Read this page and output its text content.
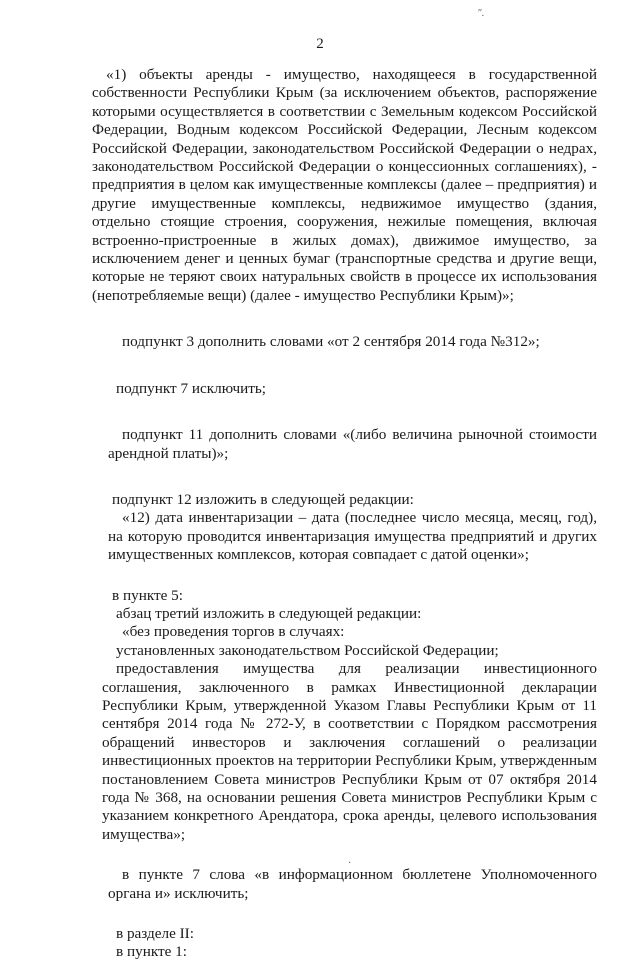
ʺ.
2

«1) объекты аренды - имущество, находящееся в государственной собственности Республики Крым (за исключением объектов, распоряжение которыми осуществляется в соответствии с Земельным кодексом Российской Федерации, Водным кодексом Российской Федерации, Лесным кодексом Российской Федерации, законодательством Российской Федерации о недрах, законодательством Российской Федерации о концессионных соглашениях), - предприятия в целом как имущественные комплексы (далее – предприятия) и другие имущественные комплексы, недвижимое имущество (здания, отдельно стоящие строения, сооружения, нежилые помещения, включая встроенно-пристроенные в жилых домах), движимое имущество, за исключением денег и ценных бумаг (транспортные средства и другие вещи, которые не теряют своих натуральных свойств в процессе их использования (непотребляемые вещи) (далее - имущество Республики Крым)»;

подпункт 3 дополнить словами «от 2 сентября 2014 года №312»;

подпункт 7 исключить;

подпункт 11 дополнить словами «(либо величина рыночной стоимости арендной платы)»;

подпункт 12 изложить в следующей редакции:

«12) дата инвентаризации – дата (последнее число месяца, месяц, год), на которую проводится инвентаризация имущества предприятий и других имущественных комплексов, которая совпадает с датой оценки»;

в пункте 5:

абзац третий изложить в следующей редакции:

«без проведения торгов в случаях:

установленных законодательством Российской Федерации;

предоставления имущества для реализации инвестиционного соглашения, заключенного в рамках Инвестиционной декларации Республики Крым, утвержденной Указом Главы Республики Крым от 11 сентября 2014 года № 272-У, в соответствии с Порядком рассмотрения обращений инвесторов и заключения соглашений о реализации инвестиционных проектов на территории Республики Крым, утвержденным постановлением Совета министров Республики Крым от 07 октября 2014 года № 368, на основании решения Совета министров Республики Крым с указанием конкретного Арендатора, срока аренды, целевого использования имущества»;

в пункте 7 слова «в информационном бюллетене Уполномоченного органа и» исключить;

в разделе II:

в пункте 1:

·
